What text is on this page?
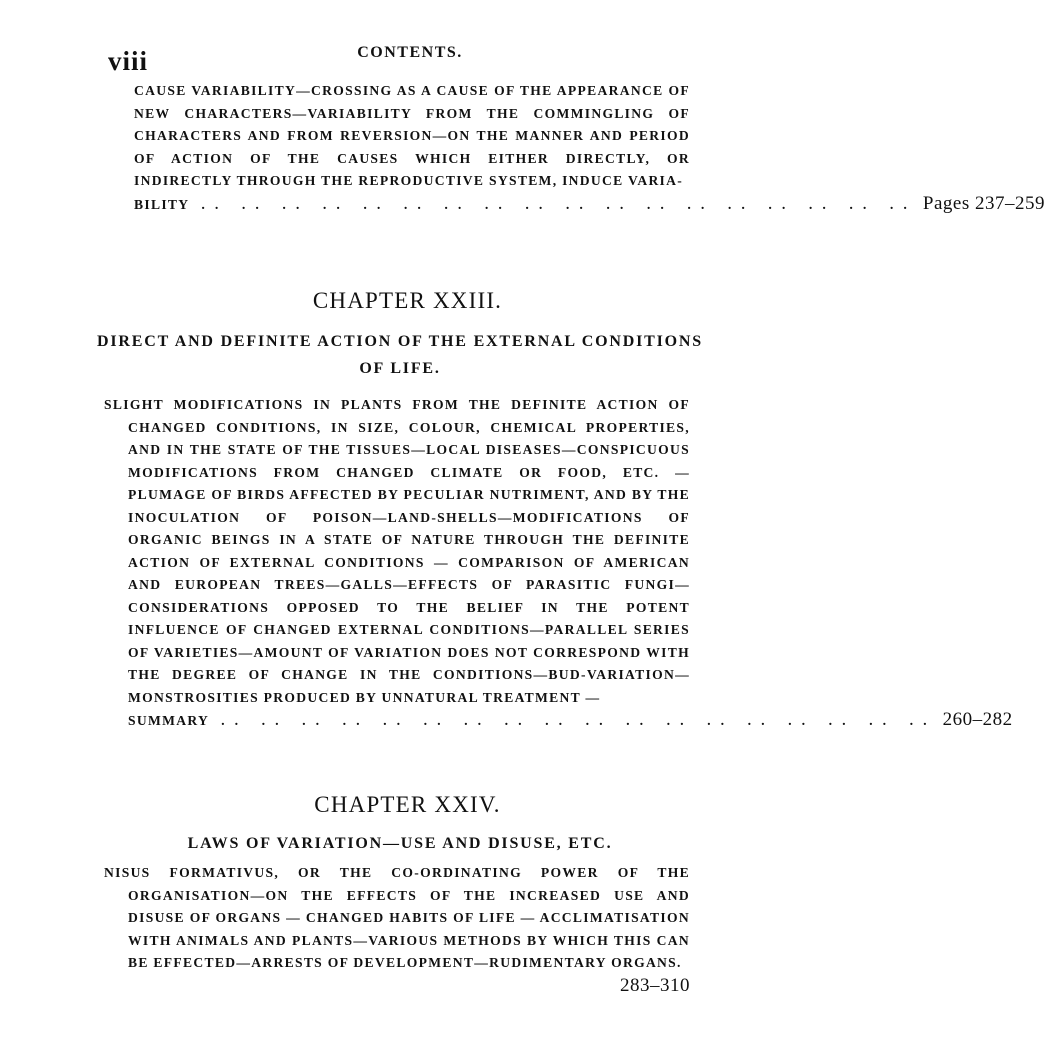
viii	CONTENTS.

CAUSE VARIABILITY—CROSSING AS A CAUSE OF THE APPEARANCE OF NEW CHARACTERS—VARIABILITY FROM THE COMMINGLING OF CHARACTERS AND FROM REVERSION—ON THE MANNER AND PERIOD OF ACTION OF THE CAUSES WHICH EITHER DIRECTLY, OR INDIRECTLY THROUGH THE REPRODUCTIVE SYSTEM, INDUCE VARIA-

BILITY .. .. .. .. .. .. .. .. .. .. .. .. .. .. .. .. .. .. Pages 237–259
CHAPTER XXIII.
DIRECT AND DEFINITE ACTION OF THE EXTERNAL CONDITIONS OF LIFE.

SLIGHT MODIFICATIONS IN PLANTS FROM THE DEFINITE ACTION OF CHANGED CONDITIONS, IN SIZE, COLOUR, CHEMICAL PROPERTIES, AND IN THE STATE OF THE TISSUES—LOCAL DISEASES—CONSPICUOUS MODIFICATIONS FROM CHANGED CLIMATE OR FOOD, ETC. —PLUMAGE OF BIRDS AFFECTED BY PECULIAR NUTRIMENT, AND BY THE INOCULATION OF POISON—LAND-SHELLS—MODIFICATIONS OF ORGANIC BEINGS IN A STATE OF NATURE THROUGH THE DEFINITE ACTION OF EXTERNAL CONDITIONS — COMPARISON OF AMERICAN AND EUROPEAN TREES—GALLS—EFFECTS OF PARASITIC FUNGI—CONSIDERATIONS OPPOSED TO THE BELIEF IN THE POTENT INFLUENCE OF CHANGED EXTERNAL CONDITIONS—PARALLEL SERIES OF VARIETIES—AMOUNT OF VARIATION DOES NOT CORRESPOND WITH THE DEGREE OF CHANGE IN THE CONDITIONS—BUD-VARIATION—MONSTROSITIES PRODUCED BY UNNATURAL TREATMENT —

SUMMARY .. .. .. .. .. .. .. .. .. .. .. .. .. .. .. .. .. .. 260–282
CHAPTER XXIV.
LAWS OF VARIATION—USE AND DISUSE, ETC.

NISUS FORMATIVUS, OR THE CO-ORDINATING POWER OF THE ORGANISATION—ON THE EFFECTS OF THE INCREASED USE AND DISUSE OF ORGANS — CHANGED HABITS OF LIFE — ACCLIMATISATION WITH ANIMALS AND PLANTS—VARIOUS METHODS BY WHICH THIS CAN BE EFFECTED—ARRESTS OF DEVELOPMENT—RUDIMENTARY ORGANS.

283–310
